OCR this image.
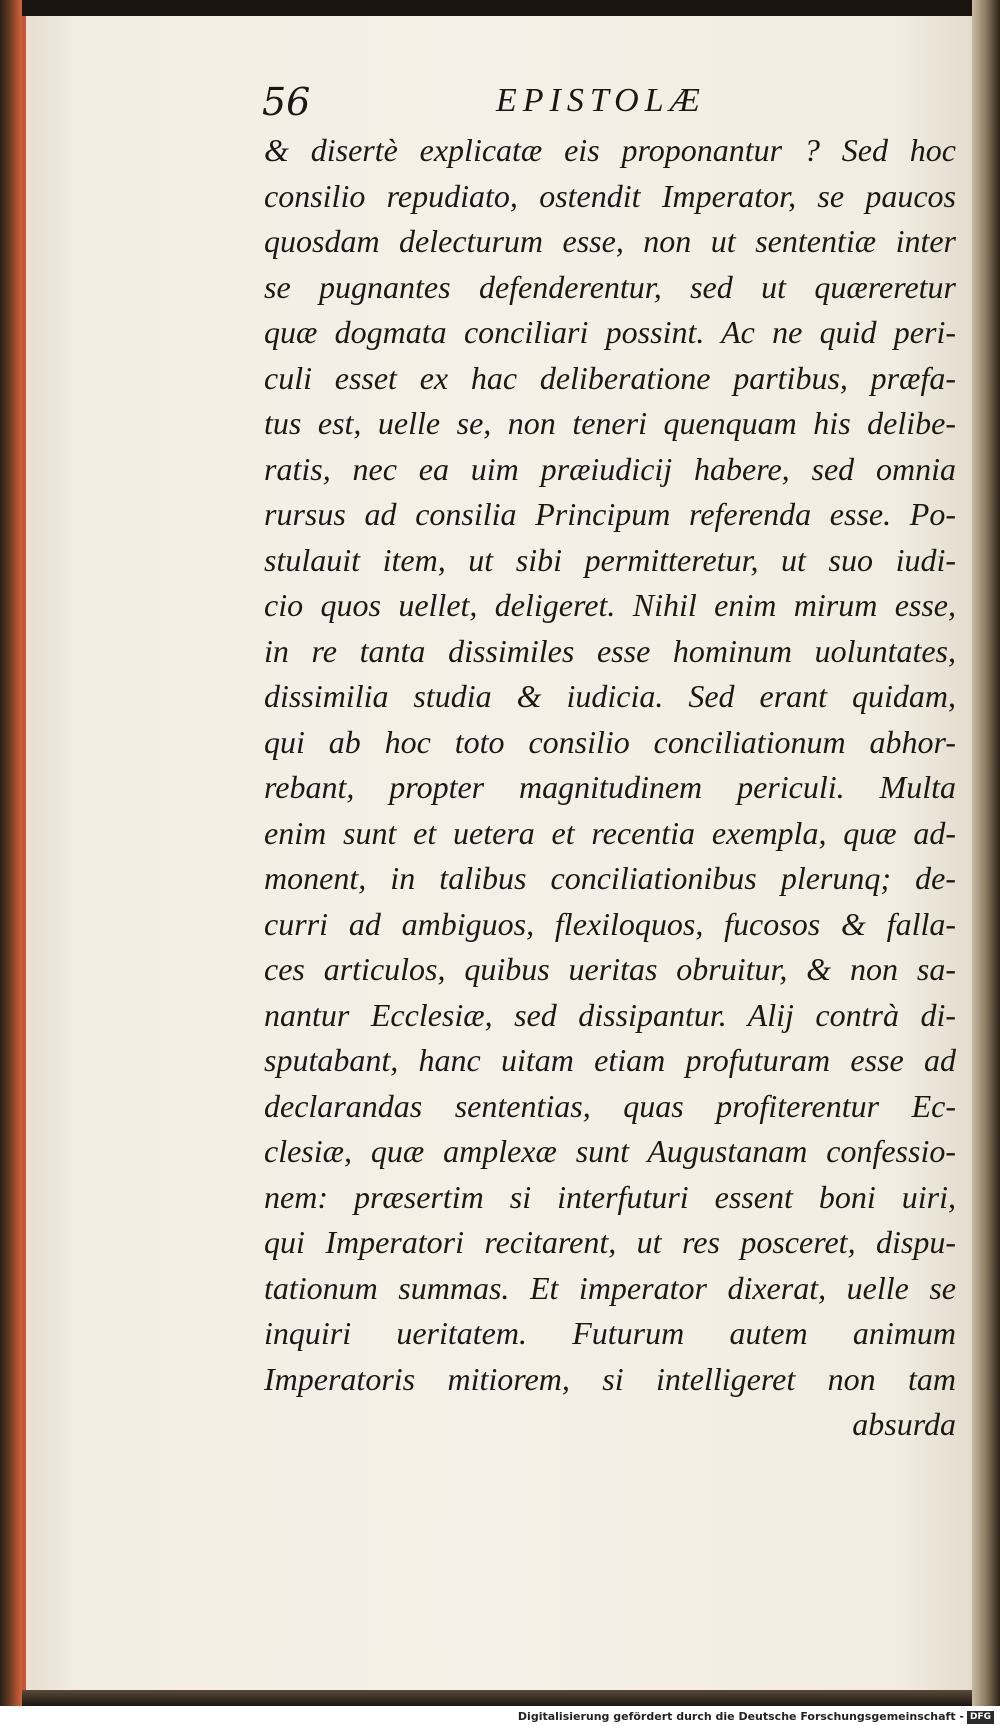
56	EPISTOLÆ
& disertè explicatæ eis proponantur ? Sed hoc
consilio repudiato, ostendit Imperator, se paucos
quosdam delecturum esse, non ut sententiæ inter
se pugnantes defenderentur, sed ut quæreretur
quæ dogmata conciliari possint. Ac ne quid peri-
culi esset ex hac deliberatione partibus, præfa-
tus est, uelle se, non teneri quenquam his delibe-
ratis, nec ea uim præiudicij habere, sed omnia
rursus ad consilia Principum referenda esse. Po-
stulauit item, ut sibi permitteretur, ut suo iudi-
cio quos uellet, deligeret. Nihil enim mirum esse,
in re tanta dissimiles esse hominum uoluntates,
dissimilia studia & iudicia. Sed erant quidam,
qui ab hoc toto consilio conciliationum abhor-
rebant, propter magnitudinem periculi. Multa
enim sunt et uetera et recentia exempla, quæ ad-
monent, in talibus conciliationibus plerunq; de-
curri ad ambiguos, flexiloquos, fucosos & falla-
ces articulos, quibus ueritas obruitur, & non sa-
nantur Ecclesiæ, sed dissipantur. Alij contrà di-
sputabant, hanc uitam etiam profuturam esse ad
declarandas sententias, quas profiterentur Ec-
clesiæ, quæ amplexæ sunt Augustanam confessio-
nem: præsertim si interfuturi essent boni uiri,
qui Imperatori recitarent, ut res posceret, dispu-
tationum summas. Et imperator dixerat, uelle se
inquiri ueritatem. Futurum autem animum
Imperatoris mitiorem, si intelligeret non tam
absurda
Digitalisierung gefördert durch die Deutsche Forschungsgemeinschaft - DFG
